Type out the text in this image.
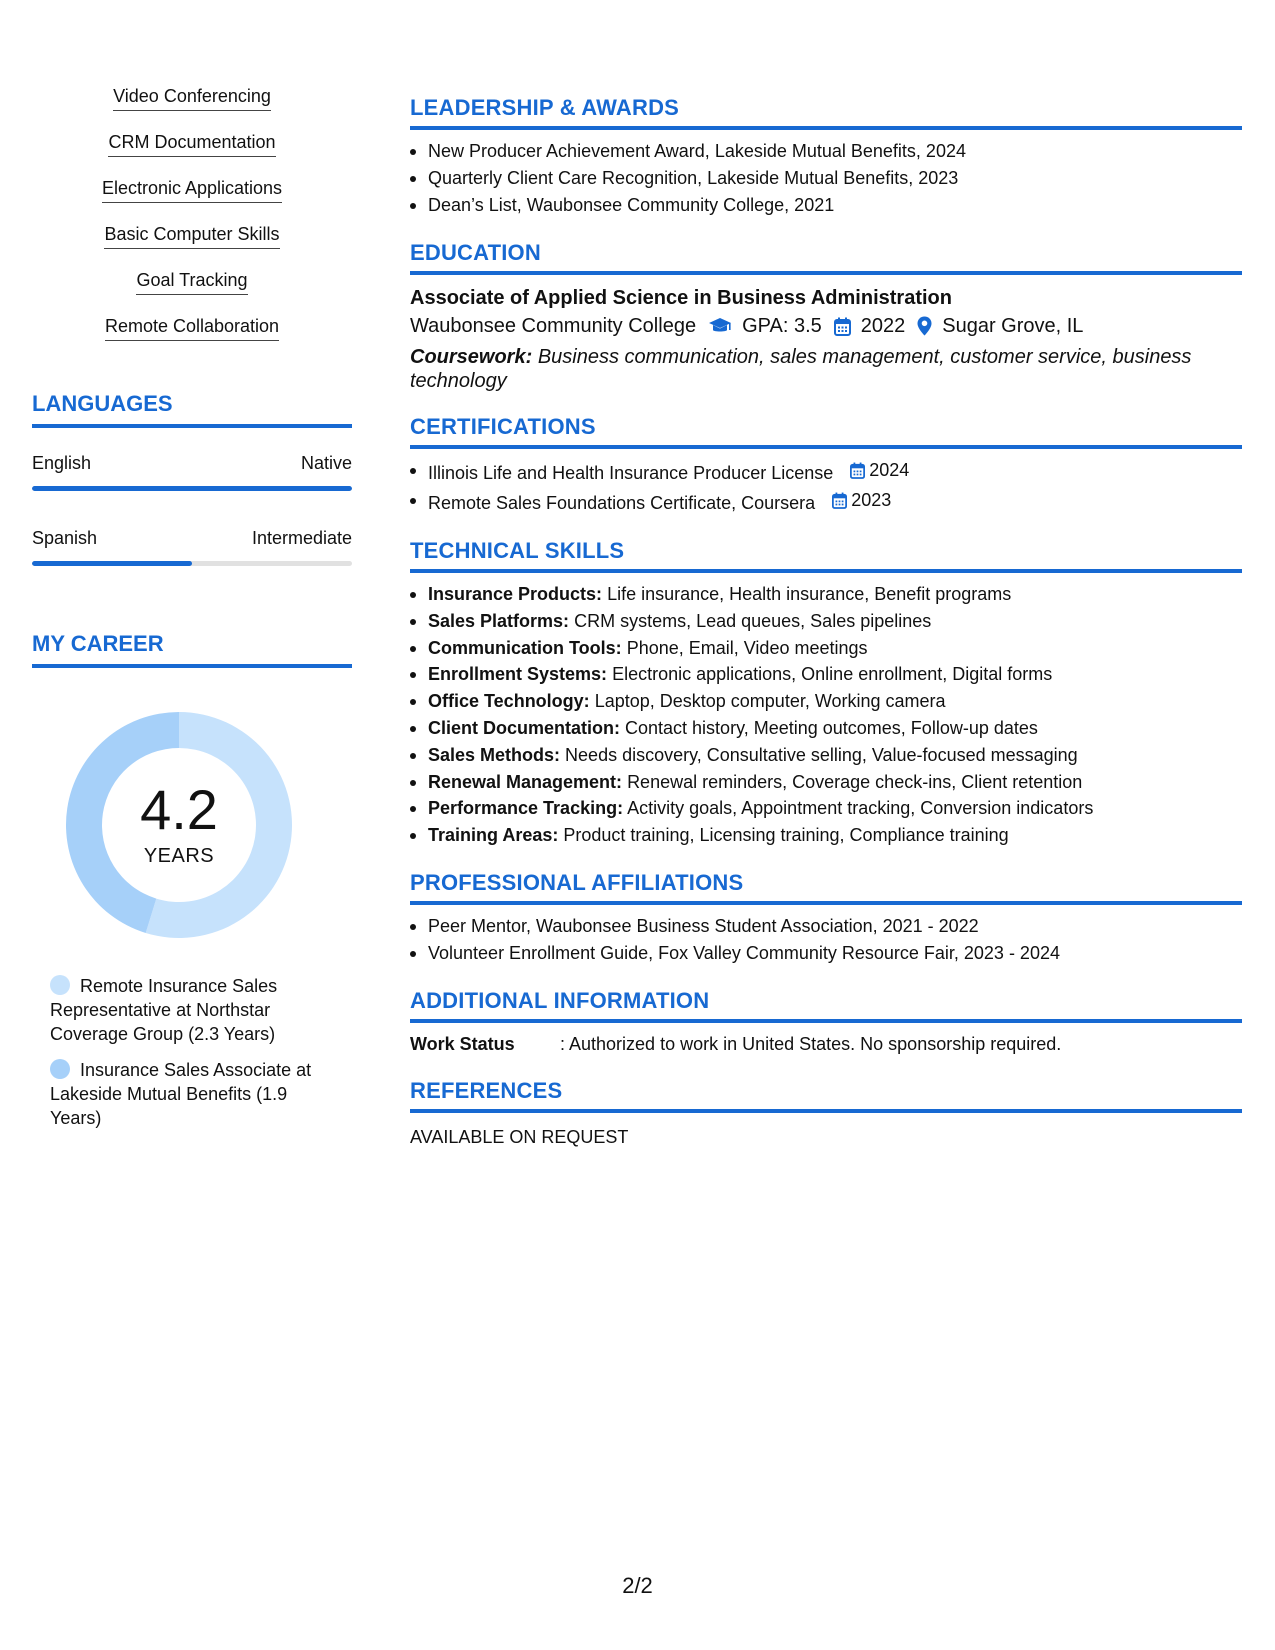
Video Conferencing
CRM Documentation
Electronic Applications
Basic Computer Skills
Goal Tracking
Remote Collaboration
LANGUAGES
English	Native
Spanish	Intermediate
MY CAREER
4.2
YEARS
Remote Insurance Sales Representative at Northstar Coverage Group (2.3 Years)
Insurance Sales Associate at Lakeside Mutual Benefits (1.9 Years)
LEADERSHIP & AWARDS
New Producer Achievement Award, Lakeside Mutual Benefits, 2024
Quarterly Client Care Recognition, Lakeside Mutual Benefits, 2023
Dean’s List, Waubonsee Community College, 2021
EDUCATION
Associate of Applied Science in Business Administration
Waubonsee Community College GPA: 3.5 2022 Sugar Grove, IL
Coursework: Business communication, sales management, customer service, business technology
CERTIFICATIONS
Illinois Life and Health Insurance Producer License 2024
Remote Sales Foundations Certificate, Coursera 2023
TECHNICAL SKILLS
Insurance Products: Life insurance, Health insurance, Benefit programs
Sales Platforms: CRM systems, Lead queues, Sales pipelines
Communication Tools: Phone, Email, Video meetings
Enrollment Systems: Electronic applications, Online enrollment, Digital forms
Office Technology: Laptop, Desktop computer, Working camera
Client Documentation: Contact history, Meeting outcomes, Follow-up dates
Sales Methods: Needs discovery, Consultative selling, Value-focused messaging
Renewal Management: Renewal reminders, Coverage check-ins, Client retention
Performance Tracking: Activity goals, Appointment tracking, Conversion indicators
Training Areas: Product training, Licensing training, Compliance training
PROFESSIONAL AFFILIATIONS
Peer Mentor, Waubonsee Business Student Association, 2021 - 2022
Volunteer Enrollment Guide, Fox Valley Community Resource Fair, 2023 - 2024
ADDITIONAL INFORMATION
Work Status	: Authorized to work in United States. No sponsorship required.
REFERENCES
AVAILABLE ON REQUEST
2/2
